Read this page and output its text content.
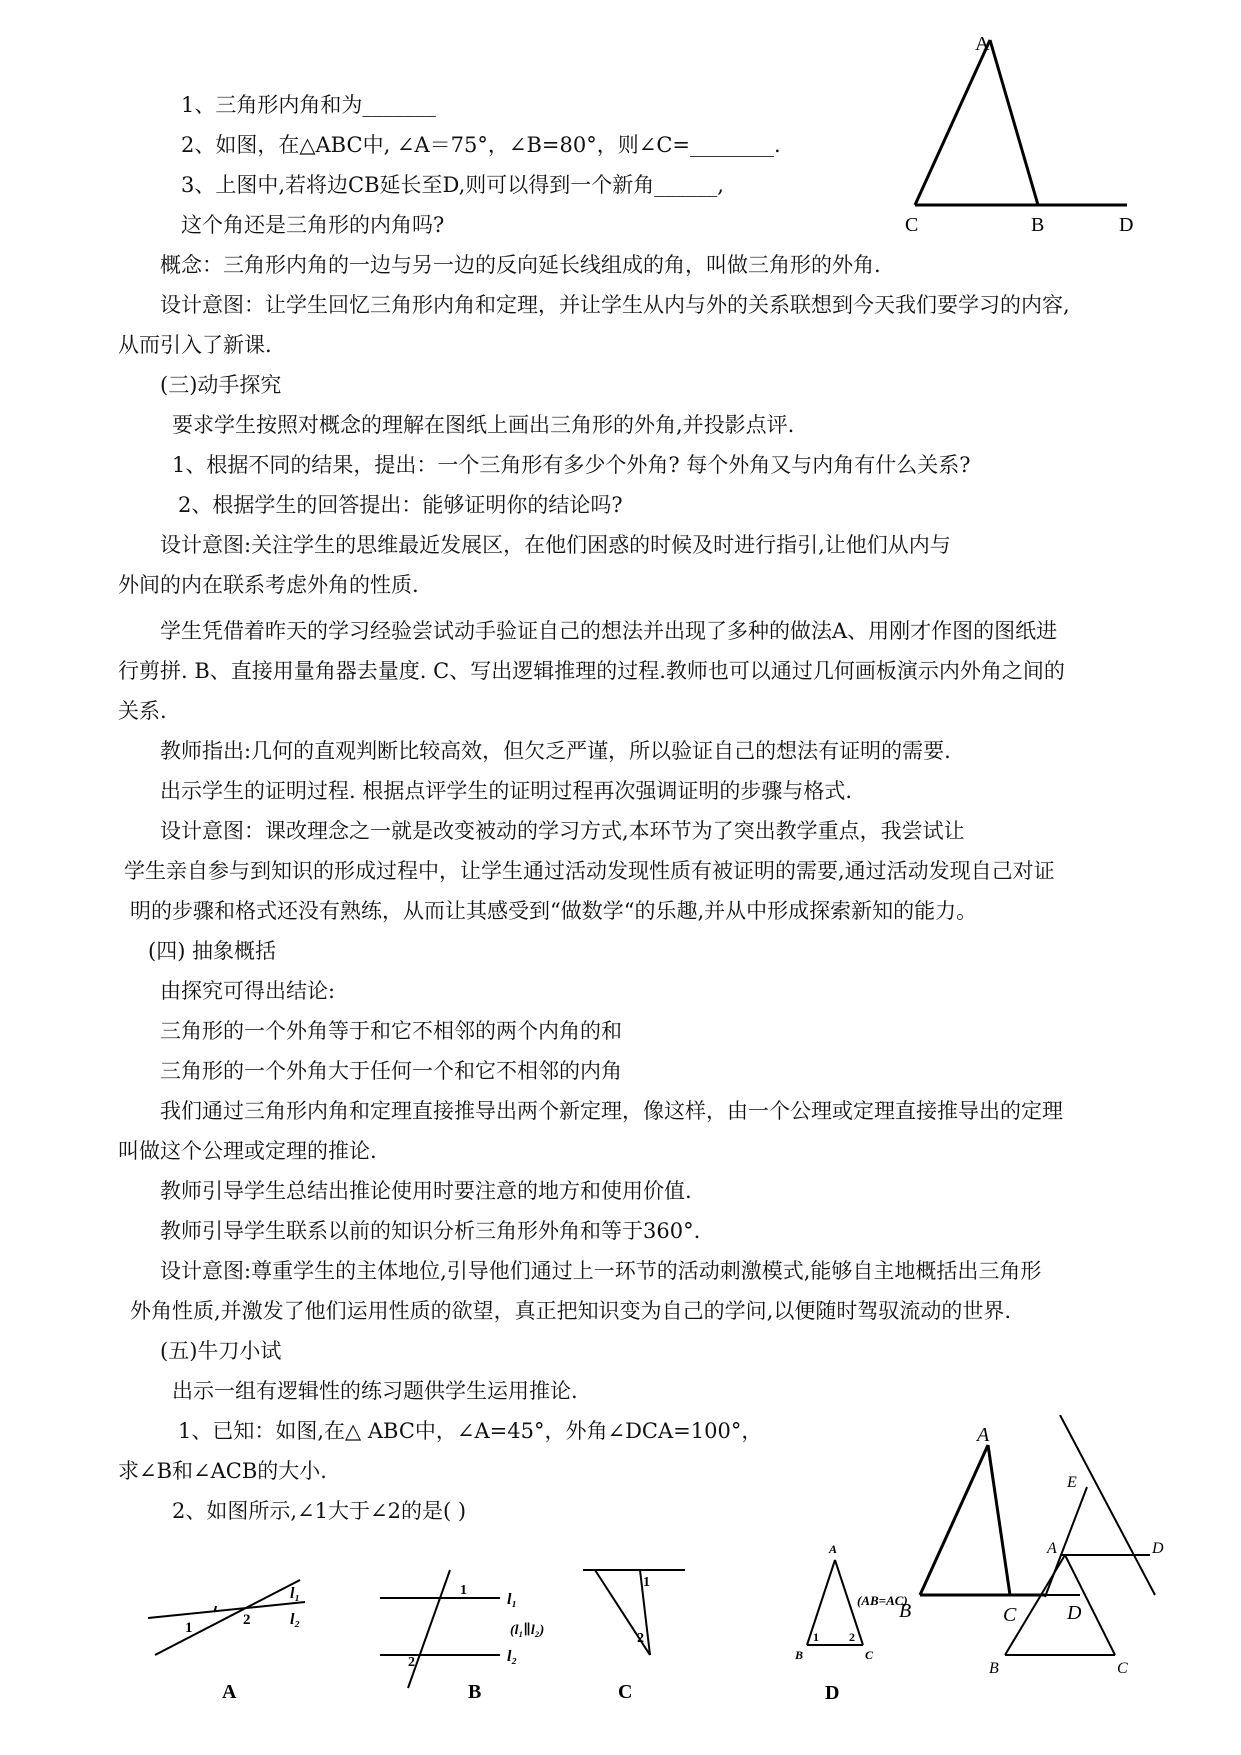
1、三角形内角和为_______
2、如图，在△ABC中, ∠A＝75°，∠B=80°，则∠C=________.
3、上图中,若将边CB延长至D,则可以得到一个新角______,
这个角还是三角形的内角吗?
概念：三角形内角的一边与另一边的反向延长线组成的角，叫做三角形的外角.
设计意图：让学生回忆三角形内角和定理，并让学生从内与外的关系联想到今天我们要学习的内容,
从而引入了新课.
(三)动手探究
要求学生按照对概念的理解在图纸上画出三角形的外角,并投影点评.
1、根据不同的结果，提出：一个三角形有多少个外角? 每个外角又与内角有什么关系?
2、根据学生的回答提出：能够证明你的结论吗?
设计意图:关注学生的思维最近发展区，在他们困惑的时候及时进行指引,让他们从内与
外间的内在联系考虑外角的性质.
学生凭借着昨天的学习经验尝试动手验证自己的想法并出现了多种的做法A、用刚才作图的图纸进
行剪拼. B、直接用量角器去量度. C、写出逻辑推理的过程.教师也可以通过几何画板演示内外角之间的
关系.
教师指出:几何的直观判断比较高效，但欠乏严谨，所以验证自己的想法有证明的需要.
出示学生的证明过程. 根据点评学生的证明过程再次强调证明的步骤与格式.
设计意图：课改理念之一就是改变被动的学习方式,本环节为了突出教学重点，我尝试让
学生亲自参与到知识的形成过程中，让学生通过活动发现性质有被证明的需要,通过活动发现自己对证
明的步骤和格式还没有熟练，从而让其感受到“做数学“的乐趣,并从中形成探索新知的能力。
(四) 抽象概括
由探究可得出结论:
三角形的一个外角等于和它不相邻的两个内角的和
三角形的一个外角大于任何一个和它不相邻的内角
我们通过三角形内角和定理直接推导出两个新定理，像这样，由一个公理或定理直接推导出的定理
叫做这个公理或定理的推论.
教师引导学生总结出推论使用时要注意的地方和使用价值.
教师引导学生联系以前的知识分析三角形外角和等于360°.
设计意图:尊重学生的主体地位,引导他们通过上一环节的活动刺激模式,能够自主地概括出三角形
外角性质,并激发了他们运用性质的欲望，真正把知识变为自己的学问,以便随时驾驭流动的世界.
(五)牛刀小试
出示一组有逻辑性的练习题供学生运用推论.
1、已知：如图,在△ ABC中，∠A=45°，外角∠DCA=100°，
求∠B和∠ACB的大小.
2、如图所示,∠1大于∠2的是( )
A
C	B	D
A
B	C	D
E
A	D
B	C
l₁
l₂
1	2
A
l₁
l₂
(l₁∥l₂)
1
2
B
1
2
C
A
B	C
1	2
(AB=AC)
D
